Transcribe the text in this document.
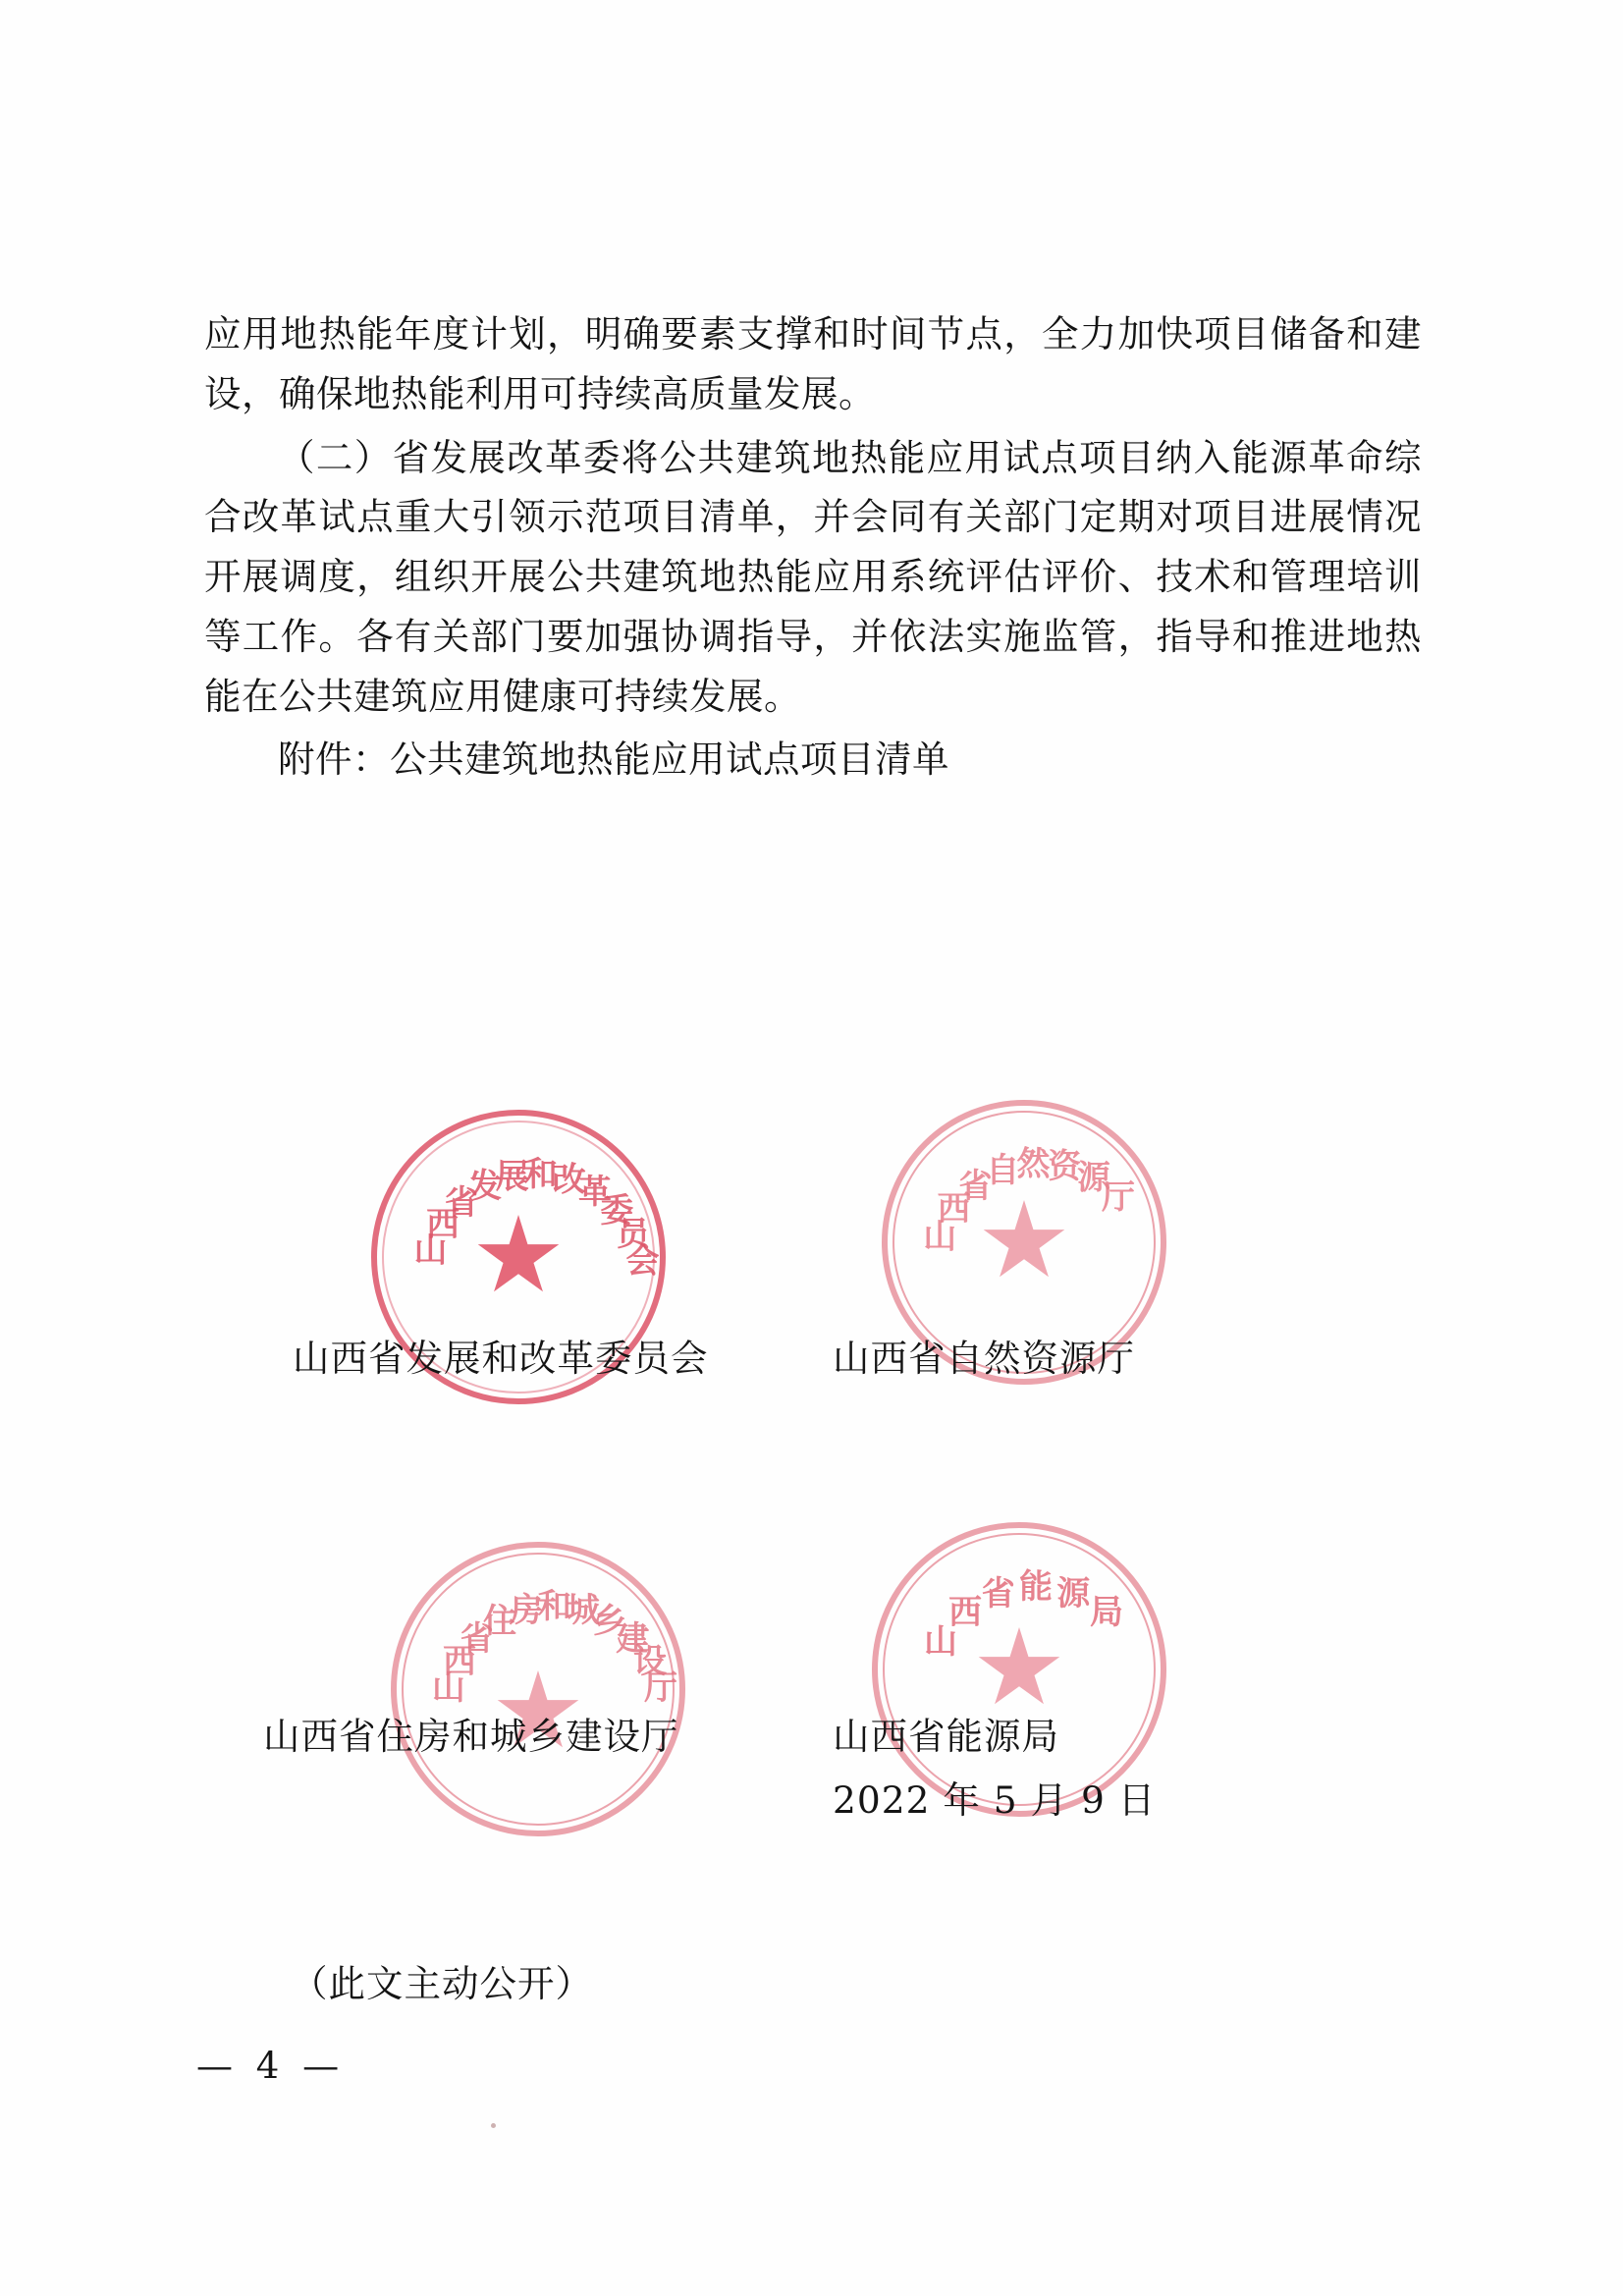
应用地热能年度计划，明确要素支撑和时间节点，全力加快项目储备和建设，确保地热能利用可持续高质量发展。

（二）省发展改革委将公共建筑地热能应用试点项目纳入能源革命综合改革试点重大引领示范项目清单，并会同有关部门定期对项目进展情况开展调度，组织开展公共建筑地热能应用系统评估评价、技术和管理培训等工作。各有关部门要加强协调指导，并依法实施监管，指导和推进地热能在公共建筑应用健康可持续发展。

附件：公共建筑地热能应用试点项目清单

山
西
省
发
展
和
改
革
委
员
会
山西省发展和改革委员会
山
西
省
自
然
资
源
厅
山西省自然资源厅
山
西
省
住
房
和
城
乡
建
设
厅
山西省住房和城乡建设厅
山
西 省 能 源 局
山西省能源局
2022 年 5 月 9 日
（此文主动公开）
— 4 —
